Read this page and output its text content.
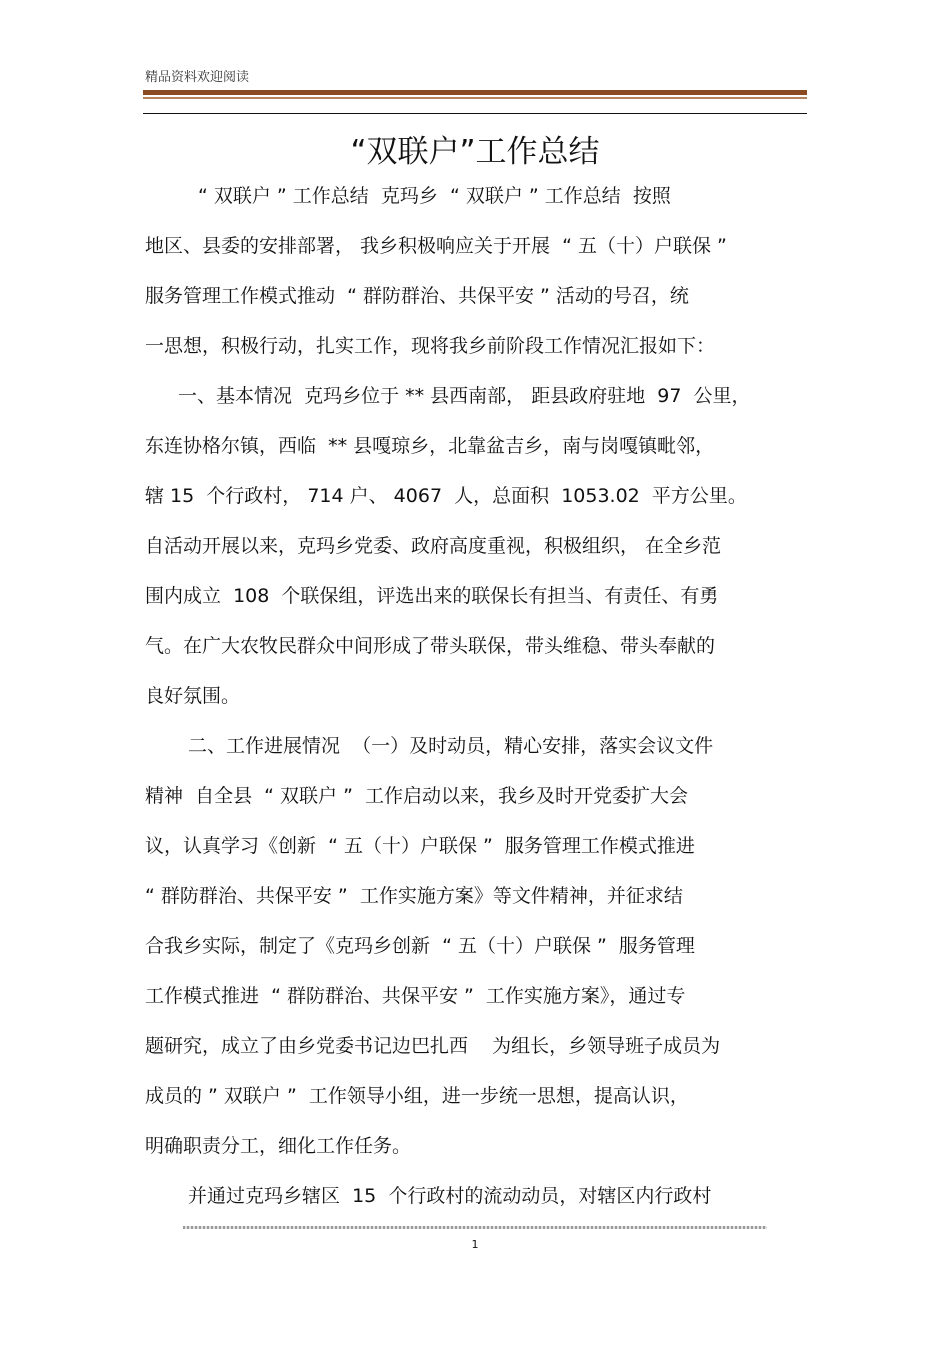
精品资料欢迎阅读
“双联户”工作总结
“ 双联户 ” 工作总结  克玛乡  “ 双联户 ” 工作总结  按照
地区、县委的安排部署， 我乡积极响应关于开展  “ 五（十）户联保 ”
服务管理工作模式推动  “ 群防群治、共保平安 ” 活动的号召，统
一思想，积极行动，扎实工作，现将我乡前阶段工作情况汇报如下：
一、基本情况  克玛乡位于 ** 县西南部， 距县政府驻地  97  公里，
东连协格尔镇，西临  ** 县嘎琼乡，北靠盆吉乡，南与岗嘎镇毗邻，
辖 15  个行政村， 714 户、 4067  人，总面积  1053.02  平方公里。
自活动开展以来，克玛乡党委、政府高度重视，积极组织， 在全乡范
围内成立  108  个联保组，评选出来的联保长有担当、有责任、有勇
气。在广大农牧民群众中间形成了带头联保，带头维稳、带头奉献的
良好氛围。
二、工作进展情况  （一）及时动员，精心安排，落实会议文件
精神  自全县  “ 双联户 ”  工作启动以来，我乡及时开党委扩大会
议，认真学习《创新  “ 五（十）户联保 ”  服务管理工作模式推进
“ 群防群治、共保平安 ”  工作实施方案》等文件精神，并征求结
合我乡实际，制定了《克玛乡创新  “ 五（十）户联保 ”  服务管理
工作模式推进  “ 群防群治、共保平安 ”  工作实施方案》，通过专
题研究，成立了由乡党委书记边巴扎西    为组长，乡领导班子成员为
成员的 ” 双联户 ”  工作领导小组，进一步统一思想，提高认识，
明确职责分工，细化工作任务。
并通过克玛乡辖区  15  个行政村的流动动员，对辖区内行政村
1
